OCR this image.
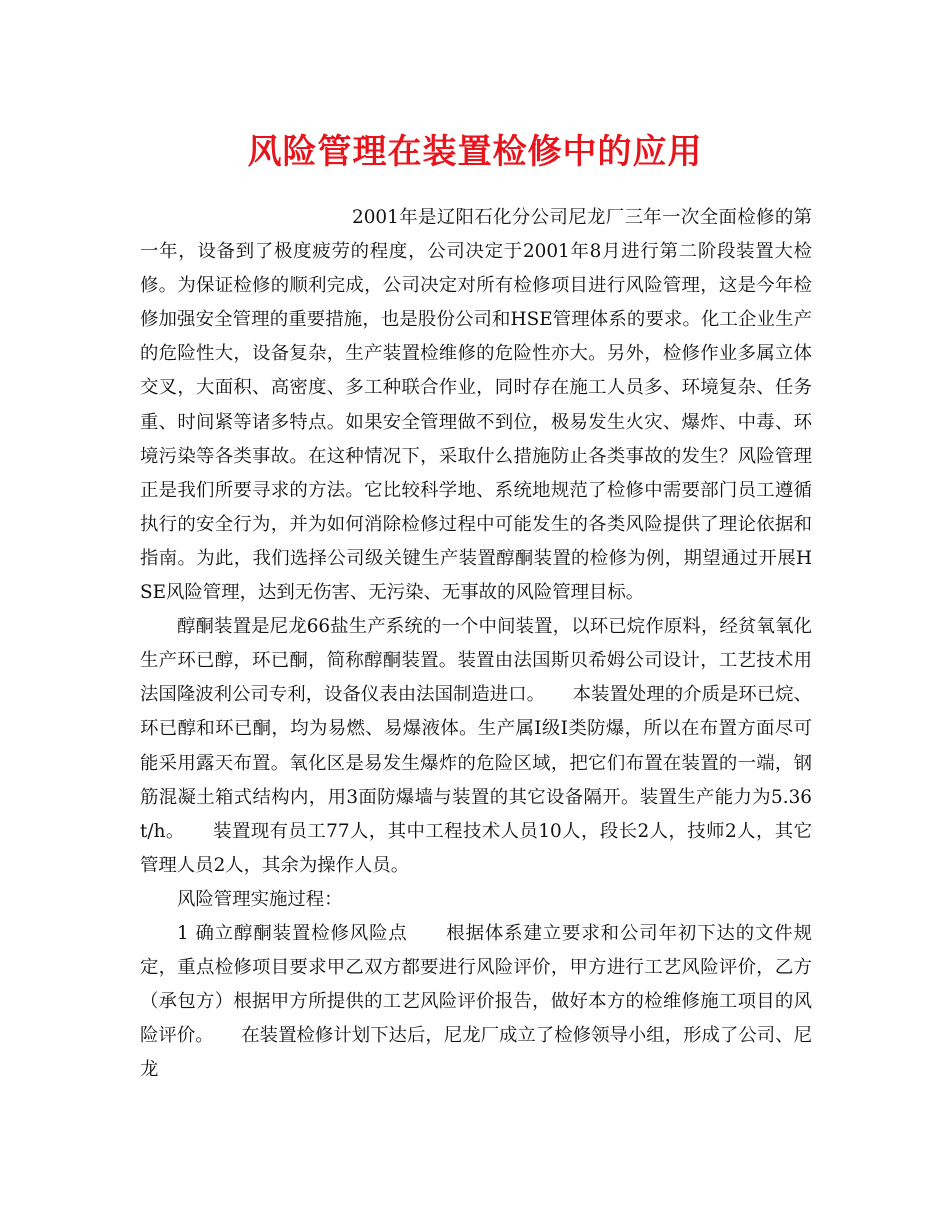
风险管理在装置检修中的应用

2001年是辽阳石化分公司尼龙厂三年一次全面检修的第一年，设备到了极度疲劳的程度，公司决定于2001年8月进行第二阶段装置大检修。为保证检修的顺利完成，公司决定对所有检修项目进行风险管理，这是今年检修加强安全管理的重要措施，也是股份公司和HSE管理体系的要求。化工企业生产的危险性大，设备复杂，生产装置检维修的危险性亦大。另外，检修作业多属立体交叉，大面积、高密度、多工种联合作业，同时存在施工人员多、环境复杂、任务重、时间紧等诸多特点。如果安全管理做不到位，极易发生火灾、爆炸、中毒、环境污染等各类事故。在这种情况下，采取什么措施防止各类事故的发生？风险管理正是我们所要寻求的方法。它比较科学地、系统地规范了检修中需要部门员工遵循执行的安全行为，并为如何消除检修过程中可能发生的各类风险提供了理论依据和指南。为此，我们选择公司级关键生产装置醇酮装置的检修为例，期望通过开展HSE风险管理，达到无伤害、无污染、无事故的风险管理目标。

醇酮装置是尼龙66盐生产系统的一个中间装置，以环已烷作原料，经贫氧氧化生产环已醇，环已酮，简称醇酮装置。装置由法国斯贝希姆公司设计，工艺技术用法国隆波利公司专利，设备仪表由法国制造进口。　　本装置处理的介质是环已烷、环已醇和环已酮，均为易燃、易爆液体。生产属Ⅰ级Ⅰ类防爆，所以在布置方面尽可能采用露天布置。氧化区是易发生爆炸的危险区域，把它们布置在装置的一端，钢筋混凝土箱式结构内，用3面防爆墙与装置的其它设备隔开。装置生产能力为5.36t/h。　　装置现有员工77人，其中工程技术人员10人，段长2人，技师2人，其它管理人员2人，其余为操作人员。

风险管理实施过程：

1 确立醇酮装置检修风险点　　根据体系建立要求和公司年初下达的文件规定，重点检修项目要求甲乙双方都要进行风险评价，甲方进行工艺风险评价，乙方（承包方）根据甲方所提供的工艺风险评价报告，做好本方的检维修施工项目的风险评价。　　在装置检修计划下达后，尼龙厂成立了检修领导小组，形成了公司、尼龙
